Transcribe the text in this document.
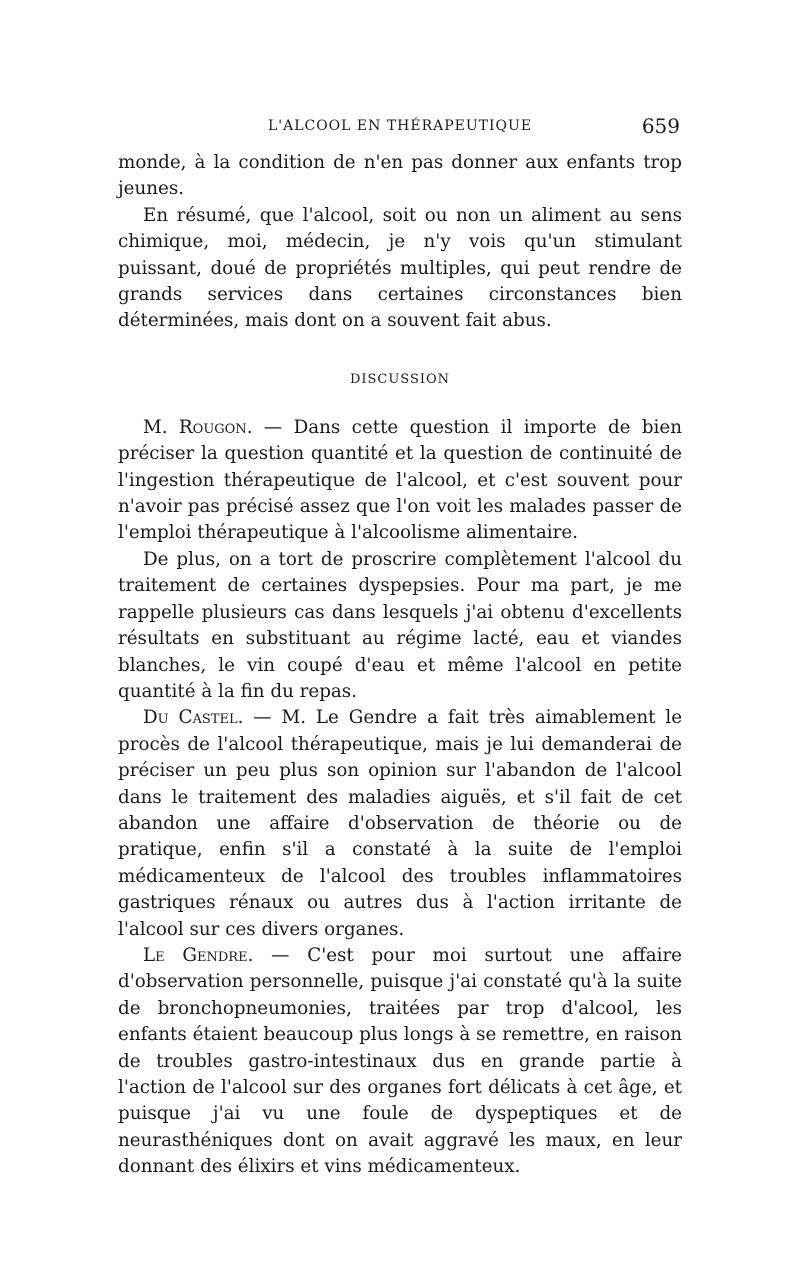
L'ALCOOL EN THÉRAPEUTIQUE	659

monde, à la condition de n'en pas donner aux enfants trop jeunes.

En résumé, que l'alcool, soit ou non un aliment au sens chimique, moi, médecin, je n'y vois qu'un stimulant puissant, doué de propriétés multiples, qui peut rendre de grands services dans certaines circonstances bien déterminées, mais dont on a souvent fait abus.

DISCUSSION

M. Rougon. — Dans cette question il importe de bien préciser la question quantité et la question de continuité de l'ingestion thérapeutique de l'alcool, et c'est souvent pour n'avoir pas précisé assez que l'on voit les malades passer de l'emploi thérapeutique à l'alcoolisme alimentaire.

De plus, on a tort de proscrire complètement l'alcool du traitement de certaines dyspepsies. Pour ma part, je me rappelle plusieurs cas dans lesquels j'ai obtenu d'excellents résultats en substituant au régime lacté, eau et viandes blanches, le vin coupé d'eau et même l'alcool en petite quantité à la fin du repas.

Du Castel. — M. Le Gendre a fait très aimablement le procès de l'alcool thérapeutique, mais je lui demanderai de préciser un peu plus son opinion sur l'abandon de l'alcool dans le traitement des maladies aiguës, et s'il fait de cet abandon une affaire d'observation de théorie ou de pratique, enfin s'il a constaté à la suite de l'emploi médicamenteux de l'alcool des troubles inflammatoires gastriques rénaux ou autres dus à l'action irritante de l'alcool sur ces divers organes.

Le Gendre. — C'est pour moi surtout une affaire d'observation personnelle, puisque j'ai constaté qu'à la suite de bronchopneumonies, traitées par trop d'alcool, les enfants étaient beaucoup plus longs à se remettre, en raison de troubles gastro-intestinaux dus en grande partie à l'action de l'alcool sur des organes fort délicats à cet âge, et puisque j'ai vu une foule de dyspeptiques et de neurasthéniques dont on avait aggravé les maux, en leur donnant des élixirs et vins médicamenteux.
